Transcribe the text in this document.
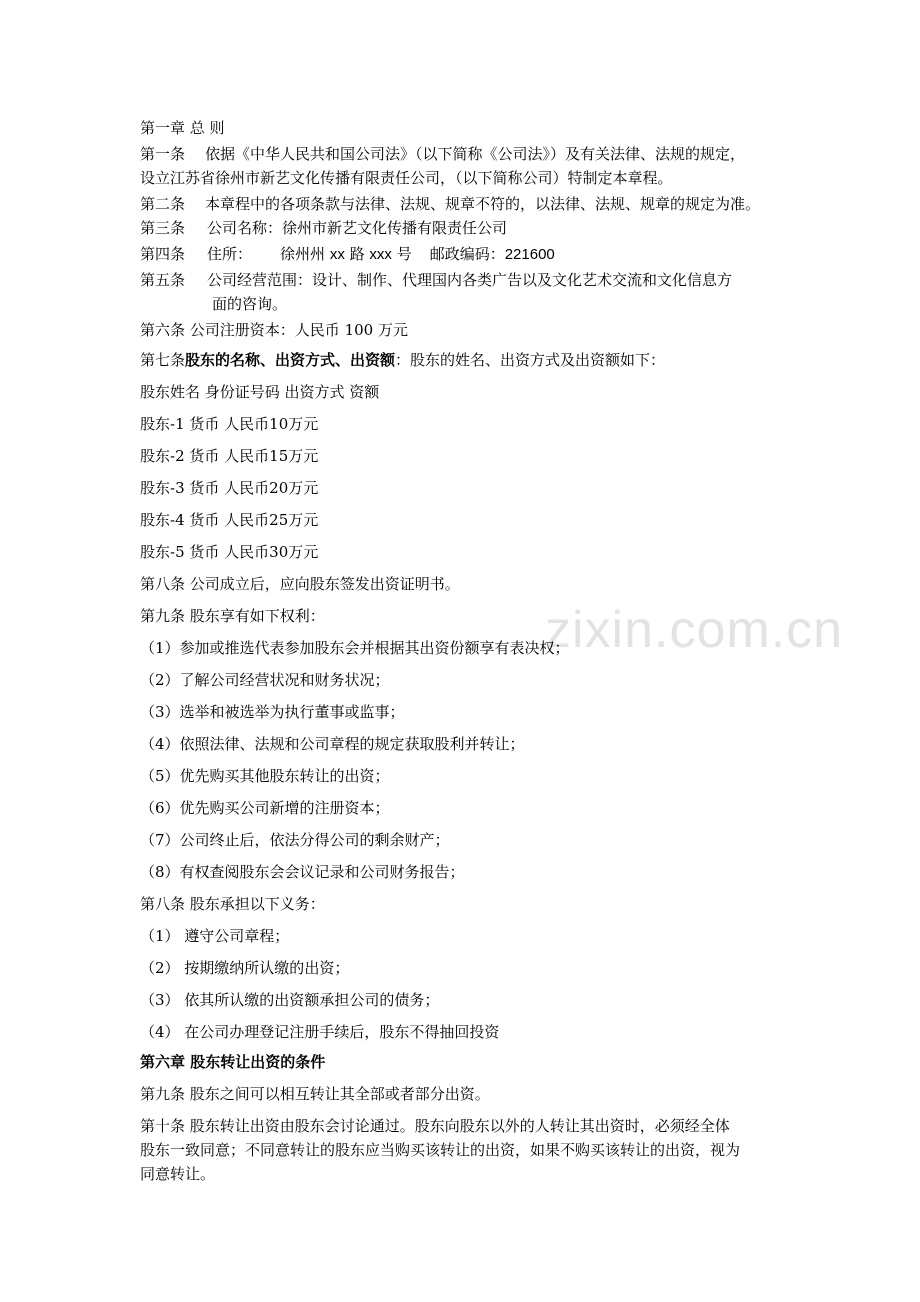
zixin.com.cn
第一章 总 则
第一条 依据《中华人民共和国公司法》（以下简称《公司法》）及有关法律、法规的规定，
设立江苏省徐州市新艺文化传播有限责任公司，（以下简称公司）特制定本章程。
第二条 本章程中的各项条款与法律、法规、规章不符的，以法律、法规、规章的规定为准。
第三条 公司名称：徐州市新艺文化传播有限责任公司
第四条 住所： 徐州州 xx 路 xxx 号 邮政编码：221600
第五条 公司经营范围：设计、制作、代理国内各类广告以及文化艺术交流和文化信息方
面的咨询。
第六条 公司注册资本：人民币 100 万元
第七条股东的名称、出资方式、出资额：股东的姓名、出资方式及出资额如下：
股东姓名 身份证号码 出资方式 资额
股东-1 货币 人民币10万元
股东-2 货币 人民币15万元
股东-3 货币 人民币20万元
股东-4 货币 人民币25万元
股东-5 货币 人民币30万元
第八条 公司成立后，应向股东签发出资证明书。
第九条 股东享有如下权利：
（1）参加或推选代表参加股东会并根据其出资份额享有表决权；
（2）了解公司经营状况和财务状况；
（3）选举和被选举为执行董事或监事；
（4）依照法律、法规和公司章程的规定获取股利并转让；
（5）优先购买其他股东转让的出资；
（6）优先购买公司新增的注册资本；
（7）公司终止后，依法分得公司的剩余财产；
（8）有权查阅股东会会议记录和公司财务报告；
第八条 股东承担以下义务：
（1） 遵守公司章程；
（2） 按期缴纳所认缴的出资；
（3） 依其所认缴的出资额承担公司的债务；
（4） 在公司办理登记注册手续后，股东不得抽回投资
第六章 股东转让出资的条件
第九条 股东之间可以相互转让其全部或者部分出资。
第十条 股东转让出资由股东会讨论通过。股东向股东以外的人转让其出资时，必须经全体
股东一致同意；不同意转让的股东应当购买该转让的出资，如果不购买该转让的出资，视为
同意转让。
